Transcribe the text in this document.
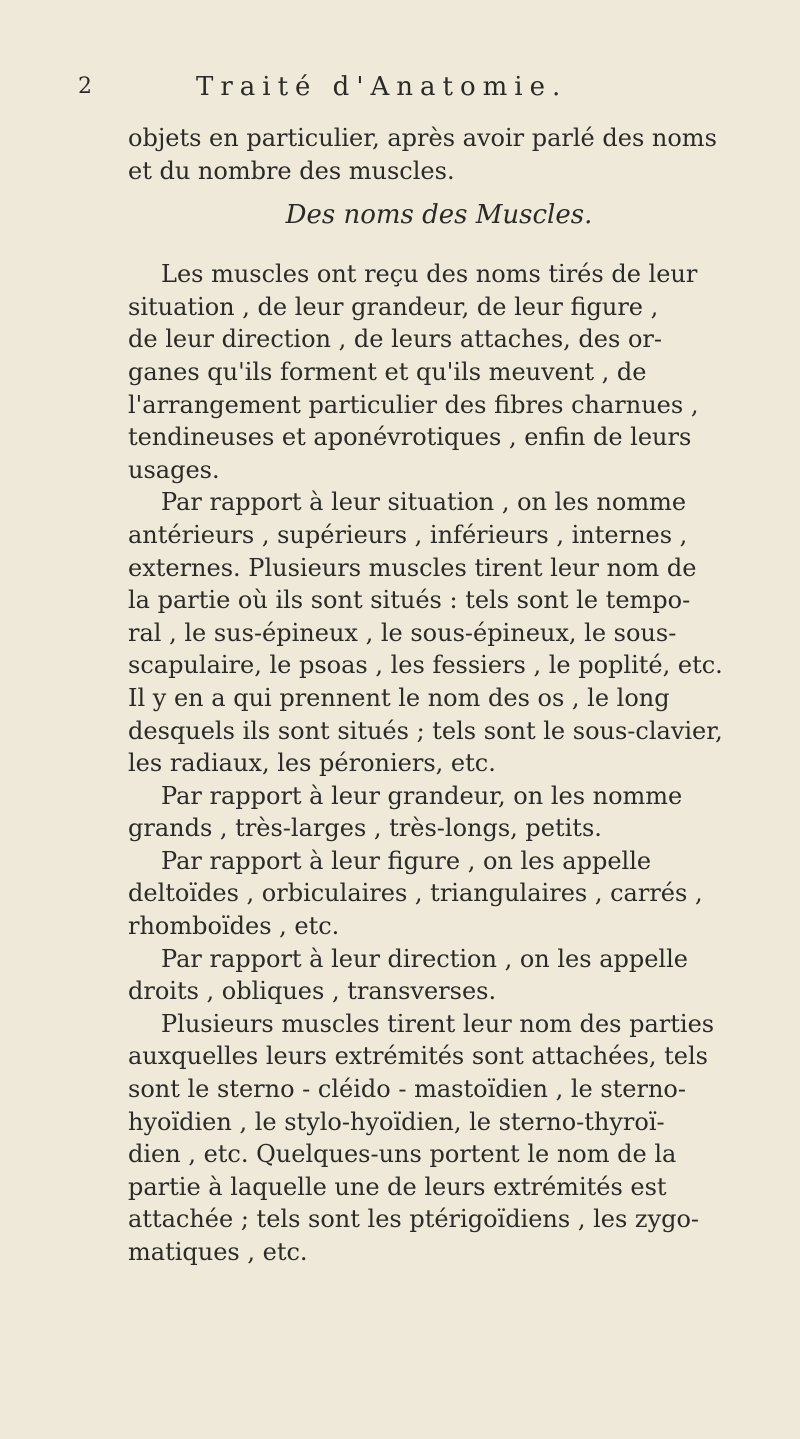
2	Traité d'Anatomie.
objets en particulier, après avoir parlé des noms
et du nombre des muscles.
Des noms des Muscles.
Les muscles ont reçu des noms tirés de leur
situation , de leur grandeur, de leur figure ,
de leur direction , de leurs attaches, des or-
ganes qu'ils forment et qu'ils meuvent , de
l'arrangement particulier des fibres charnues ,
tendineuses et aponévrotiques , enfin de leurs
usages.
Par rapport à leur situation , on les nomme
antérieurs , supérieurs , inférieurs , internes ,
externes. Plusieurs muscles tirent leur nom de
la partie où ils sont situés : tels sont le tempo-
ral , le sus-épineux , le sous-épineux, le sous-
scapulaire, le psoas , les fessiers , le poplité, etc.
Il y en a qui prennent le nom des os , le long
desquels ils sont situés ; tels sont le sous-clavier,
les radiaux, les péroniers, etc.
Par rapport à leur grandeur, on les nomme
grands , très-larges , très-longs, petits.
Par rapport à leur figure , on les appelle
deltoïdes , orbiculaires , triangulaires , carrés ,
rhomboïdes , etc.
Par rapport à leur direction , on les appelle
droits , obliques , transverses.
Plusieurs muscles tirent leur nom des parties
auxquelles leurs extrémités sont attachées, tels
sont le sterno - cléido - mastoïdien , le sterno-
hyoïdien , le stylo-hyoïdien, le sterno-thyroï-
dien , etc. Quelques-uns portent le nom de la
partie à laquelle une de leurs extrémités est
attachée ; tels sont les ptérigoïdiens , les zygo-
matiques , etc.
